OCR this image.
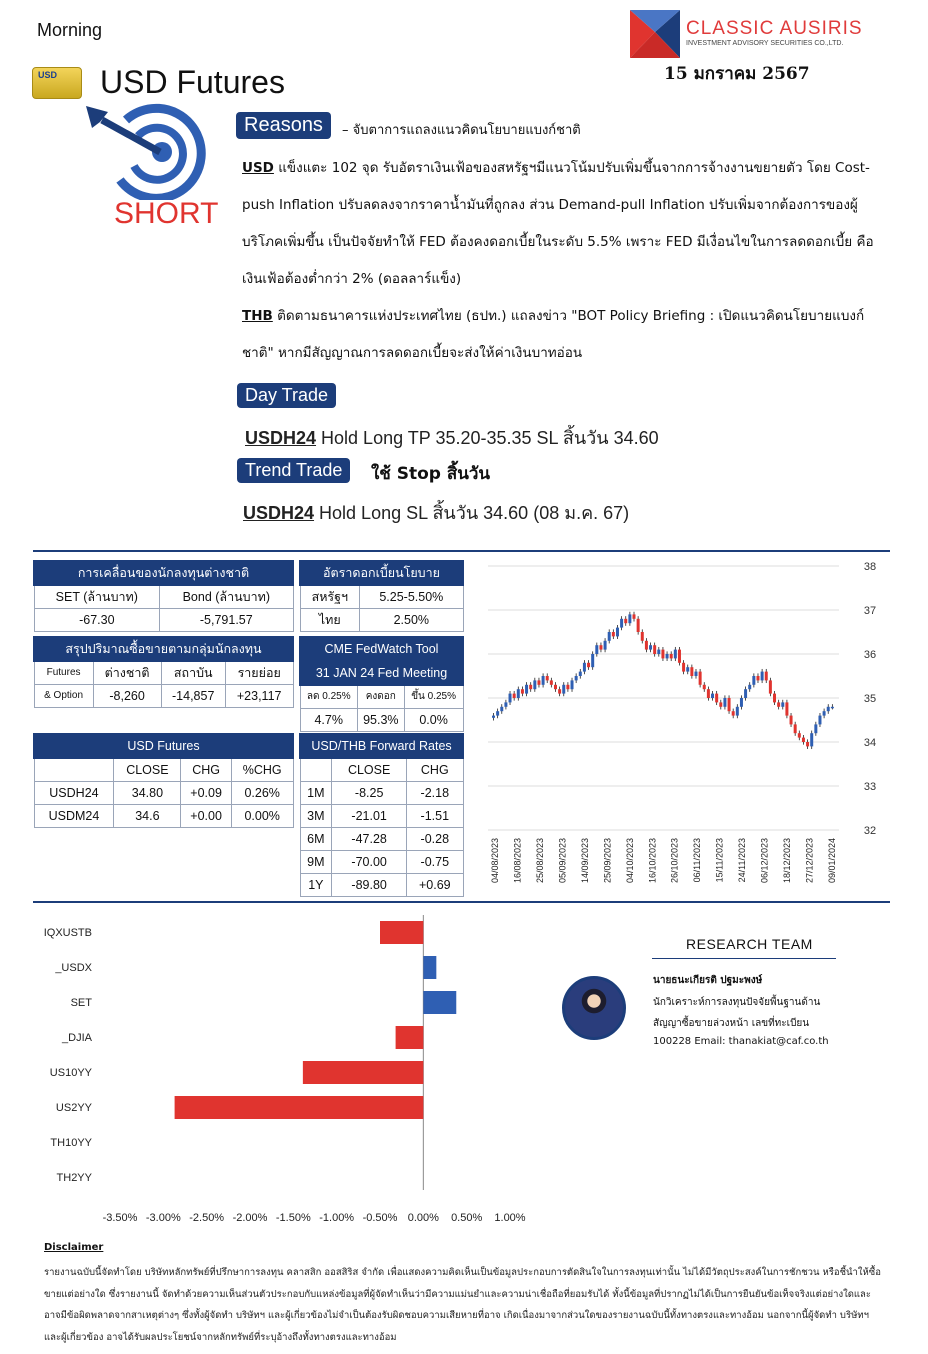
Morning	CLASSIC AUSIRIS
INVESTMENT ADVISORY SECURITIES CO.,LTD.
15 มกราคม 2567
USD USD Futures
SHORT
Reasons	– จับตาการแถลงแนวคิดนโยบายแบงก์ชาติ
USD แข็งแตะ 102 จุด รับอัตราเงินเฟ้อของสหรัฐฯมีแนวโน้มปรับเพิ่มขึ้นจากการจ้างงานขยายตัว โดย Cost-push Inflation ปรับลดลงจากราคาน้ำมันที่ถูกลง ส่วน Demand-pull Inflation ปรับเพิ่มจากต้องการของผู้บริโภคเพิ่มขึ้น เป็นปัจจัยทำให้ FED ต้องคงดอกเบี้ยในระดับ 5.5% เพราะ FED มีเงื่อนไขในการลดดอกเบี้ย คือ เงินเฟ้อต้องต่ำกว่า 2% (ดอลลาร์แข็ง)
THB ติดตามธนาคารแห่งประเทศไทย (ธปท.) แถลงข่าว "BOT Policy Briefing : เปิดแนวคิดนโยบายแบงก์ชาติ" หากมีสัญญาณการลดดอกเบี้ยจะส่งให้ค่าเงินบาทอ่อน
Day Trade
USDH24 Hold Long TP 35.20-35.35 SL สิ้นวัน 34.60
Trend Trade	ใช้ Stop สิ้นวัน
USDH24 Hold Long SL สิ้นวัน 34.60 (08 ม.ค. 67)
การเคลื่อนของนักลงทุนต่างชาติ	
SET (ล้านบาท)	Bond (ล้านบาท)
-67.30	-5,791.57
อัตราดอกเบี้ยนโยบาย	
สหรัฐฯ	5.25-5.50%
ไทย	2.50%
สรุปปริมาณซื้อขายตามกลุ่มนักลงทุน			
Futures	ต่างชาติ	สถาบัน	รายย่อย
& Option	-8,260	-14,857	+23,117
CME FedWatch Tool		
31 JAN 24 Fed Meeting		
ลด 0.25%	คงดอก	ขึ้น 0.25%
4.7%	95.3%	0.0%
USD Futures			
	CLOSE	CHG	%CHG
USDH24	34.80	+0.09	0.26%
USDM24	34.6	+0.00	0.00%
USD/THB Forward Rates		
	CLOSE	CHG
1M	-8.25	-2.18
3M	-21.01	-1.51
6M	-47.28	-0.28
9M	-70.00	-0.75
1Y	-89.80	+0.69
32
33
34
35
36
37
38
04/08/2023 16/08/2023 25/08/2023 05/09/2023 14/09/2023 25/09/2023 04/10/2023 16/10/2023 26/10/2023 06/11/2023 15/11/2023 24/11/2023 06/12/2023 18/12/2023 27/12/2023 09/01/2024
IQXUSTB
_USDX
SET
_DJIA
US10YY
US2YY
TH10YY
TH2YY
-3.50% -3.00% -2.50% -2.00% -1.50% -1.00% -0.50% 0.00% 0.50% 1.00%
RESEARCH TEAM
นายธนะเกียรติ ปฐมะพงษ์
นักวิเคราะห์การลงทุนปัจจัยพื้นฐานด้าน
สัญญาซื้อขายล่วงหน้า เลขที่ทะเบียน
100228 Email: thanakiat@caf.co.th
Disclaimer
รายงานฉบับนี้จัดทำโดย บริษัทหลักทรัพย์ที่ปรึกษาการลงทุน คลาสสิก ออสสิริส จำกัด เพื่อแสดงความคิดเห็นเป็นข้อมูลประกอบการตัดสินใจในการลงทุนเท่านั้น ไม่ได้มีวัตถุประสงค์ในการชักชวน หรือชี้นำให้ซื้อขายแต่อย่างใด ซึ่งรายงานนี้ จัดทำด้วยความเห็นส่วนตัวประกอบกับแหล่งข้อมูลที่ผู้จัดทำเห็นว่ามีความแม่นยำและความน่าเชื่อถือที่ยอมรับได้ ทั้งนี้ข้อมูลที่ปรากฏไม่ได้เป็นการยืนยันข้อเท็จจริงแต่อย่างใดและอาจมีข้อผิดพลาดจากสาเหตุต่างๆ ซึ่งทั้งผู้จัดทำ บริษัทฯ และผู้เกี่ยวข้องไม่จำเป็นต้องรับผิดชอบความเสียหายที่อาจ เกิดเนื่องมาจากส่วนใดของรายงานฉบับนี้ทั้งทางตรงและทางอ้อม นอกจากนี้ผู้จัดทำ บริษัทฯ และผู้เกี่ยวข้อง อาจได้รับผลประโยชน์จากหลักทรัพย์ที่ระบุอ้างถึงทั้งทางตรงและทางอ้อม
